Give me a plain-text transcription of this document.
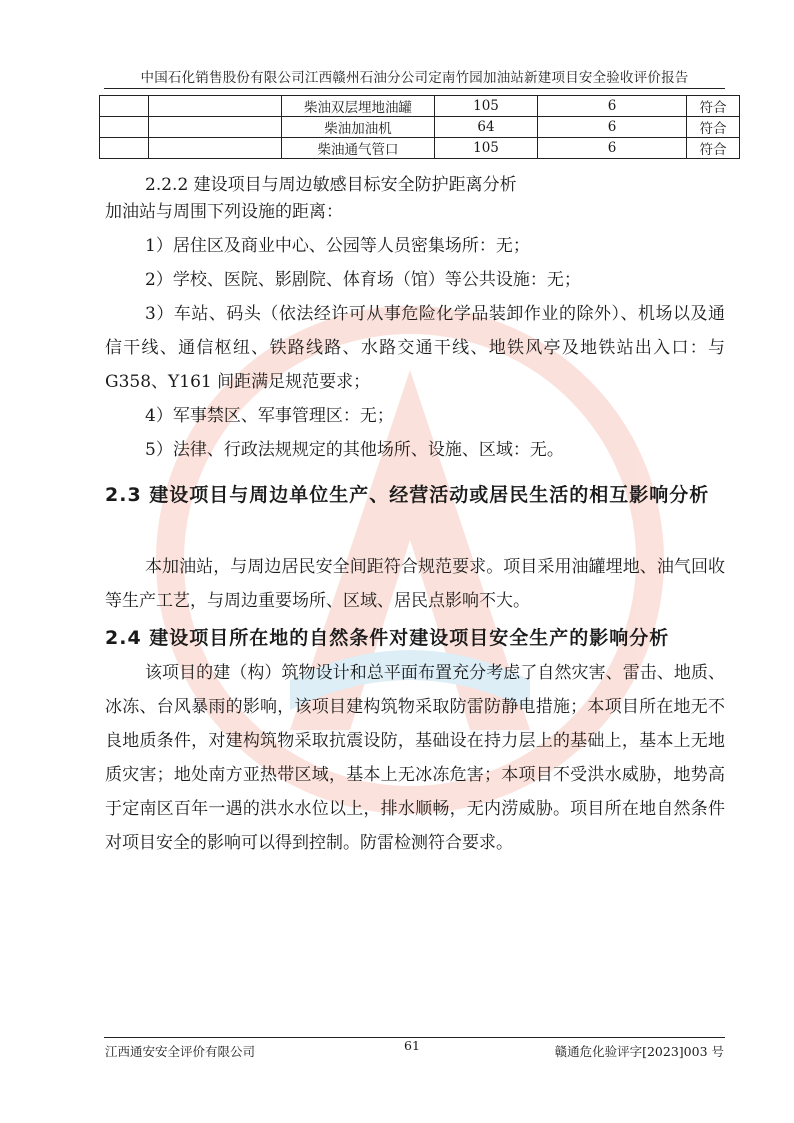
中国石化销售股份有限公司江西赣州石油分公司定南竹园加油站新建项目安全验收评价报告
		柴油双层埋地油罐	105	6	符合
		柴油加油机	64	6	符合
		柴油通气管口	105	6	符合

2.2.2 建设项目与周边敏感目标安全防护距离分析

加油站与周围下列设施的距离：

1）居住区及商业中心、公园等人员密集场所：无；

2）学校、医院、影剧院、体育场（馆）等公共设施：无；

3）车站、码头（依法经许可从事危险化学品装卸作业的除外）、机场以及通信干线、通信枢纽、铁路线路、水路交通干线、地铁风亭及地铁站出入口：与 G358、Y161 间距满足规范要求；

4）军事禁区、军事管理区：无；

5）法律、行政法规规定的其他场所、设施、区域：无。

2.3 建设项目与周边单位生产、经营活动或居民生活的相互影响分析

本加油站，与周边居民安全间距符合规范要求。项目采用油罐埋地、油气回收等生产工艺，与周边重要场所、区域、居民点影响不大。

2.4 建设项目所在地的自然条件对建设项目安全生产的影响分析

该项目的建（构）筑物设计和总平面布置充分考虑了自然灾害、雷击、地质、冰冻、台风暴雨的影响，该项目建构筑物采取防雷防静电措施；本项目所在地无不良地质条件，对建构筑物采取抗震设防，基础设在持力层上的基础上，基本上无地质灾害；地处南方亚热带区域，基本上无冰冻危害；本项目不受洪水威胁，地势高于定南区百年一遇的洪水水位以上，排水顺畅，无内涝威胁。项目所在地自然条件对项目安全的影响可以得到控制。防雷检测符合要求。

江西通安安全评价有限公司	61	赣通危化验评字[2023]003 号
